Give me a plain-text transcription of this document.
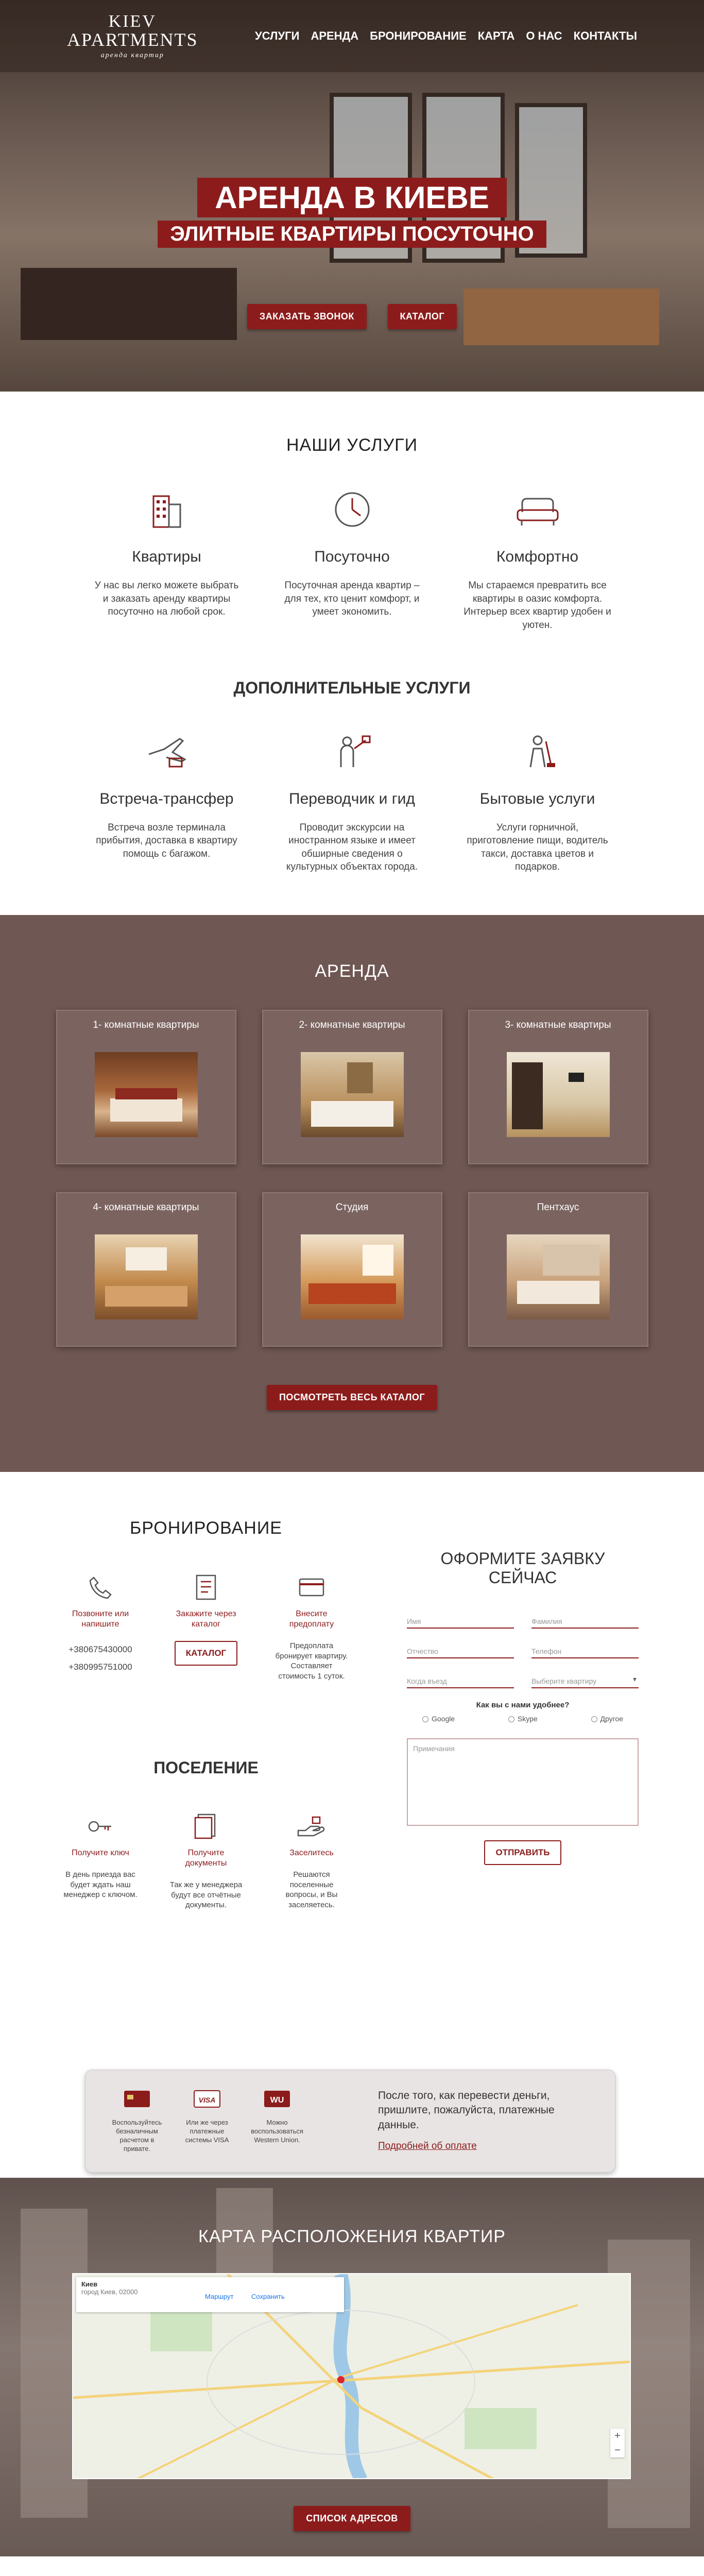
KIEV
APARTMENTS
аренда квартир
УСЛУГИ АРЕНДА БРОНИРОВАНИЕ КАРТА О НАС КОНТАКТЫ
АРЕНДА В КИЕВЕ
ЭЛИТНЫЕ КВАРТИРЫ ПОСУТОЧНО
ЗАКАЗАТЬ ЗВОНОК	КАТАЛОГ
НАШИ УСЛУГИ
Квартиры

У нас вы легко можете выбрать и заказать аренду квартиры посуточно на любой срок.

Посуточно

Посуточная аренда квартир – для тех, кто ценит комфорт, и умеет экономить.

Комфортно

Мы стараемся превратить все квартиры в оазис комфорта. Интерьер всех квартир удобен и уютен.

ДОПОЛНИТЕЛЬНЫЕ УСЛУГИ
Встреча-трансфер

Встреча возле терминала прибытия, доставка в квартиру помощь с багажом.

Переводчик и гид

Проводит экскурсии на иностранном языке и имеет обширные сведения о культурных объектах города.

Бытовые услуги

Услуги горничной, приготовление пищи, водитель такси, доставка цветов и подарков.

АРЕНДА
1- комнатные квартиры	2- комнатные квартиры	3- комнатные квартиры
4- комнатные квартиры	Студия	Пентхаус
ПОСМОТРЕТЬ ВЕСЬ КАТАЛОГ
БРОНИРОВАНИЕ
Позвоните или напишите
+380675430000
+380995751000
Закажите через каталог
КАТАЛОГ
Внесите предоплату
Предоплата бронирует квартиру. Составляет стоимость 1 суток.
ПОСЕЛЕНИЕ
Получите ключ
В день приезда вас будет ждать наш менеджер с ключом.
Получите документы
Так же у менеджера будут все отчётные документы.
Заселитесь
Решаются поселенные вопросы, и Вы заселяетесь.
ОФОРМИТЕ ЗАЯВКУ СЕЙЧАС
Имя	Фамилия
Отчество	Телефон
Когда въезд	Выберите квартиру ▾
Как вы с нами удобнее?
Google	Skype	Другое
Примечания
ОТПРАВИТЬ
Воспользуйтесь безналичным расчетом в привате.
VISA
Или же через платежные системы VISA
WU
Можно воспользоваться Western Union.
После того, как перевести деньги, пришлите, пожалуйста, платежные данные.
Подробней об оплате
КАРТА РАСПОЛОЖЕНИЯ КВАРТИР
Киев
город Киев, 02000
Маршрут	Сохранить
+
−
СПИСОК АДРЕСОВ
